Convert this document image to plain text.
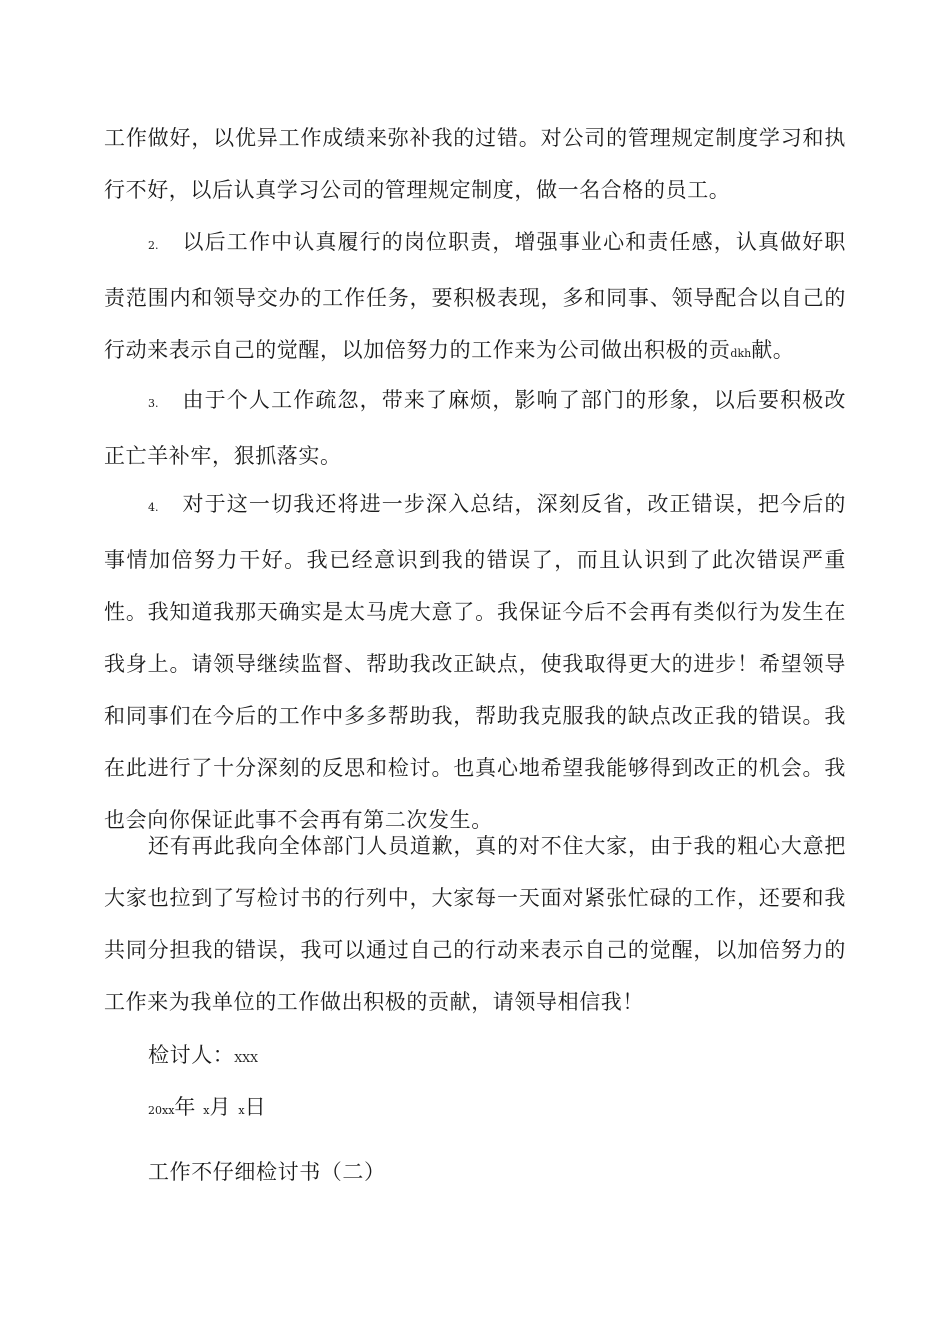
工作做好，以优异工作成绩来弥补我的过错。对公司的管理规定制度学习和执行不好，以后认真学习公司的管理规定制度，做一名合格的员工。

2. 以后工作中认真履行的岗位职责，增强事业心和责任感，认真做好职责范围内和领导交办的工作任务，要积极表现，多和同事、领导配合以自己的行动来表示自己的觉醒，以加倍努力的工作来为公司做出积极的贡dkh献。

3. 由于个人工作疏忽，带来了麻烦，影响了部门的形象，以后要积极改正亡羊补牢，狠抓落实。

4. 对于这一切我还将进一步深入总结，深刻反省，改正错误，把今后的事情加倍努力干好。我已经意识到我的错误了，而且认识到了此次错误严重性。我知道我那天确实是太马虎大意了。我保证今后不会再有类似行为发生在我身上。请领导继续监督、帮助我改正缺点，使我取得更大的进步！希望领导和同事们在今后的工作中多多帮助我，帮助我克服我的缺点改正我的错误。我在此进行了十分深刻的反思和检讨。也真心地希望我能够得到改正的机会。我也会向你保证此事不会再有第二次发生。

还有再此我向全体部门人员道歉，真的对不住大家，由于我的粗心大意把大家也拉到了写检讨书的行列中，大家每一天面对紧张忙碌的工作，还要和我共同分担我的错误，我可以通过自己的行动来表示自己的觉醒，以加倍努力的工作来为我单位的工作做出积极的贡献，请领导相信我！

检讨人：XXX

20xx年 x月 x日

工作不仔细检讨书（二）
